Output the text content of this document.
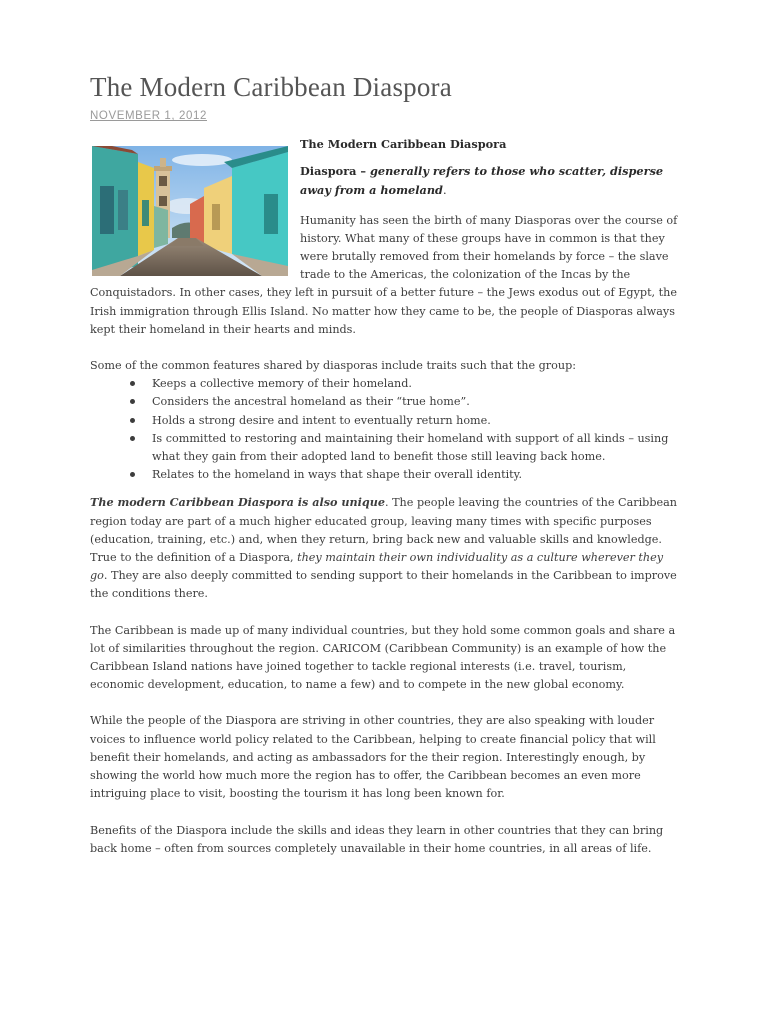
The Modern Caribbean Diaspora
NOVEMBER 1, 2012

The Modern Caribbean Diaspora

Diaspora – generally refers to those who scatter, disperse away from a homeland.

Humanity has seen the birth of many Diasporas over the course of history. What many of these groups have in common is that they were brutally removed from their homelands by force – the slave trade to the Americas, the colonization of the Incas by the Conquistadors. In other cases, they left in pursuit of a better future – the Jews exodus out of Egypt, the Irish immigration through Ellis Island. No matter how they came to be, the people of Diasporas always kept their homeland in their hearts and minds.

Some of the common features shared by diasporas include traits such that the group:

Keeps a collective memory of their homeland.
Considers the ancestral homeland as their “true home”.
Holds a strong desire and intent to eventually return home.
Is committed to restoring and maintaining their homeland with support of all kinds – using what they gain from their adopted land to benefit those still leaving back home.
Relates to the homeland in ways that shape their overall identity.

The modern Caribbean Diaspora is also unique. The people leaving the countries of the Caribbean region today are part of a much higher educated group, leaving many times with specific purposes (education, training, etc.) and, when they return, bring back new and valuable skills and knowledge. True to the definition of a Diaspora, they maintain their own individuality as a culture wherever they go. They are also deeply committed to sending support to their homelands in the Caribbean to improve the conditions there.

The Caribbean is made up of many individual countries, but they hold some common goals and share a lot of similarities throughout the region. CARICOM (Caribbean Community) is an example of how the Caribbean Island nations have joined together to tackle regional interests (i.e. travel, tourism, economic development, education, to name a few) and to compete in the new global economy.

While the people of the Diaspora are striving in other countries, they are also speaking with louder voices to influence world policy related to the Caribbean, helping to create financial policy that will benefit their homelands, and acting as ambassadors for the their region. Interestingly enough, by showing the world how much more the region has to offer, the Caribbean becomes an even more intriguing place to visit, boosting the tourism it has long been known for.

Benefits of the Diaspora include the skills and ideas they learn in other countries that they can bring back home – often from sources completely unavailable in their home countries, in all areas of life.
